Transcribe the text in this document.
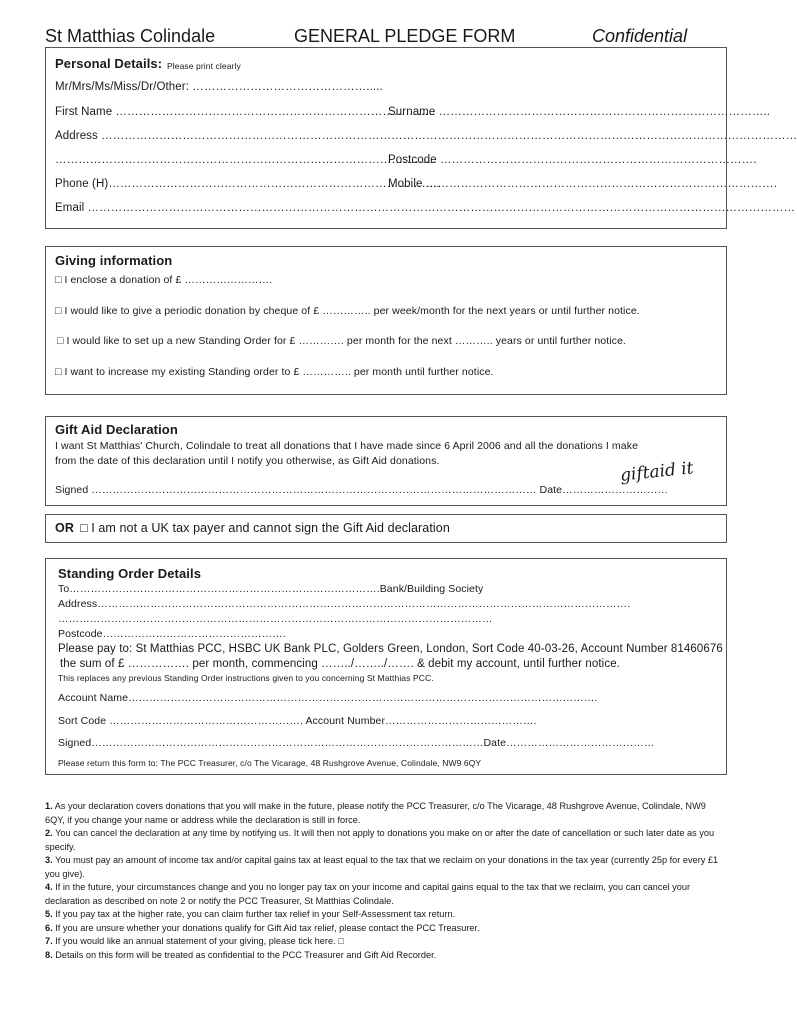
St Matthias Colindale	GENERAL PLEDGE FORM	Confidential
Personal Details: Please print clearly
Mr/Mrs/Ms/Miss/Dr/Other: ……………………………………….....
First Name ………………………………………………………………………..
Surname …………………………………………………………………………..
Address ………………………………………………………………………………………………………………………………………………………………
……………………………………………………………………………………...
Postcode ……………………………………………………………………….
Phone (H)…………………………………………………………………………..
Mobile ……………………………………………………………………………….
Email …………………………………………………………………………………………………………………………………………………………………
Giving information
□ I enclose a donation of £ …………………….
□ I would like to give a periodic donation by cheque of £ ………….. per week/month for the next years or until further notice.
□ I would like to set up a new Standing Order for £ …………. per month for the next ……….. years or until further notice.
□ I want to increase my existing Standing order to £ ………….. per month until further notice.
Gift Aid Declaration
I want St Matthias' Church, Colindale to treat all donations that I have made since 6 April 2006 and all the donations I make
from the date of this declaration until I notify you otherwise, as Gift Aid donations.	giftaid it
Signed ……………………………………………………………………………………………………………… Date…………………………
OR □ I am not a UK tax payer and cannot sign the Gift Aid declaration
Standing Order Details
To…………………………………………………………………………….Bank/Building Society
Address…………………………………………………………………………………………………………………………………….
……………………………………………………………………………………………………………
Postcode…………………………………………….
Please pay to: St Matthias PCC, HSBC UK Bank PLC, Golders Green, London, Sort Code 40-03-26, Account Number 81460676
the sum of £ ……………. per month, commencing ……../……../……. & debit my account, until further notice.
This replaces any previous Standing Order instructions given to you concerning St Matthias PCC.
Account Name…………………………………………………………………………………………………………………….
Sort Code ………………………………………………. Account Number…………………………………….
Signed…………………………………………………………………………………………………Date……………………………………
Please return this form to: The PCC Treasurer, c/o The Vicarage, 48 Rushgrove Avenue, Colindale, NW9 6QY
1. As your declaration covers donations that you will make in the future, please notify the PCC Treasurer, c/o The Vicarage, 48 Rushgrove Avenue, Colindale, NW9 6QY, if you change your name or address while the declaration is still in force.
2. You can cancel the declaration at any time by notifying us. It will then not apply to donations you make on or after the date of cancellation or such later date as you specify.
3. You must pay an amount of income tax and/or capital gains tax at least equal to the tax that we reclaim on your donations in the tax year (currently 25p for every £1 you give).
4. If in the future, your circumstances change and you no longer pay tax on your income and capital gains equal to the tax that we reclaim, you can cancel your declaration as described on note 2 or notify the PCC Treasurer, St Matthias Colindale.
5. If you pay tax at the higher rate, you can claim further tax relief in your Self-Assessment tax return.
6. If you are unsure whether your donations qualify for Gift Aid tax relief, please contact the PCC Treasurer.
7. If you would like an annual statement of your giving, please tick here. □
8. Details on this form will be treated as confidential to the PCC Treasurer and Gift Aid Recorder.
